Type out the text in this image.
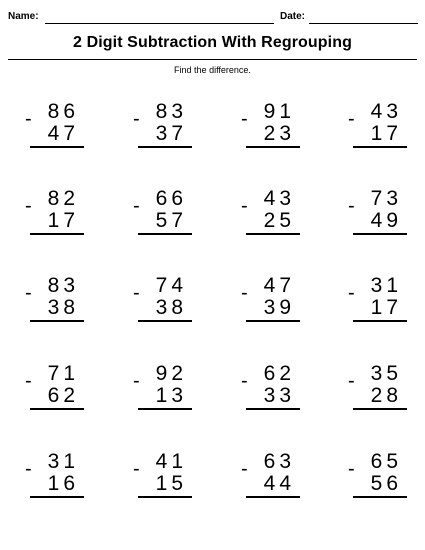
Name:	Date:
2 Digit Subtraction With Regrouping
Find the difference.
86
-
47
83
-
37
91
-
23
43
-
17
82
-
17
66
-
57
43
-
25
73
-
49
83
-
38
74
-
38
47
-
39
31
-
17
71
-
62
92
-
13
62
-
33
35
-
28
31
-
16
41
-
15
63
-
44
65
-
56
